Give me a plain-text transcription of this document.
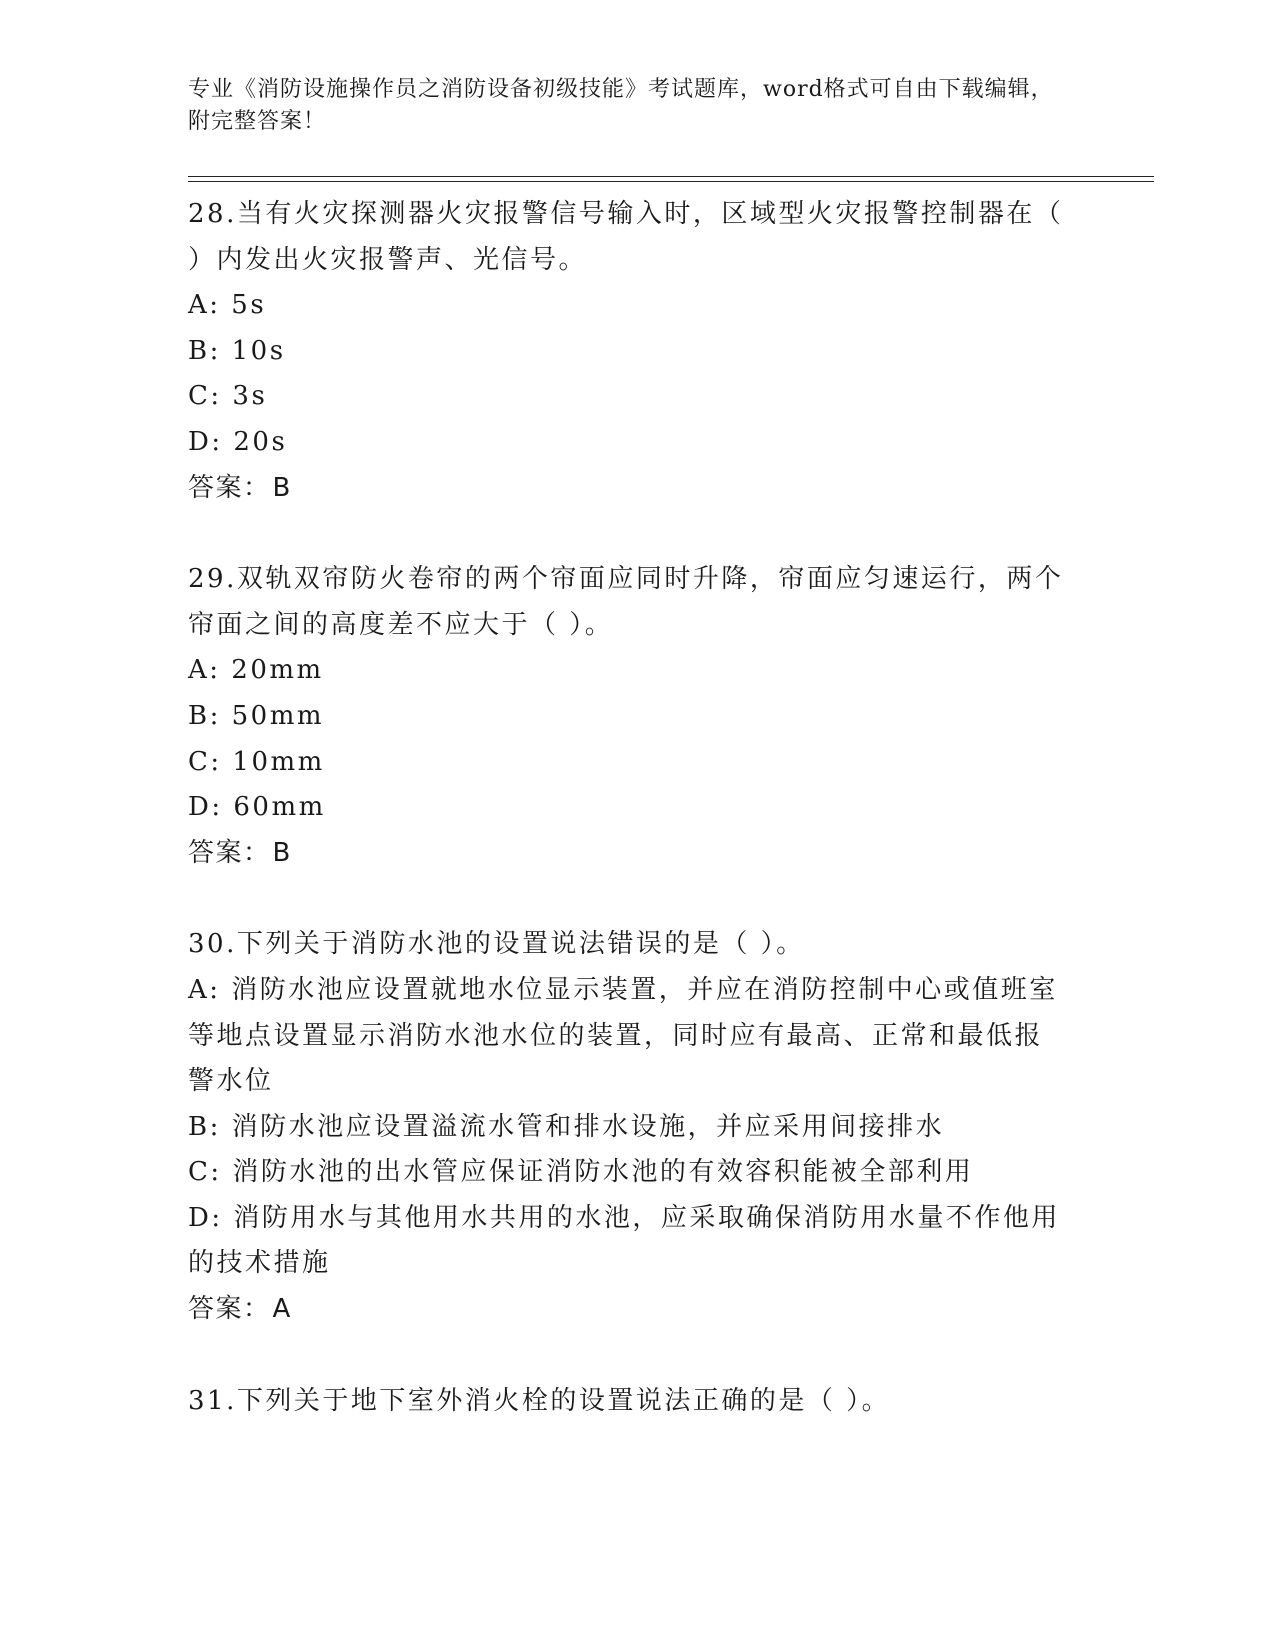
专业《消防设施操作员之消防设备初级技能》考试题库，word格式可自由下载编辑，附完整答案！

28.当有火灾探测器火灾报警信号输入时，区域型火灾报警控制器在（ ）内发出火灾报警声、光信号。

A: 5s

B: 10s

C: 3s

D: 20s

答案：B

29.双轨双帘防火卷帘的两个帘面应同时升降，帘面应匀速运行，两个帘面之间的高度差不应大于（ ）。

A: 20mm

B: 50mm

C: 10mm

D: 60mm

答案：B

30.下列关于消防水池的设置说法错误的是（ ）。

A: 消防水池应设置就地水位显示装置，并应在消防控制中心或值班室等地点设置显示消防水池水位的装置，同时应有最高、正常和最低报警水位

B: 消防水池应设置溢流水管和排水设施，并应采用间接排水

C: 消防水池的出水管应保证消防水池的有效容积能被全部利用

D: 消防用水与其他用水共用的水池，应采取确保消防用水量不作他用的技术措施

答案：A

31.下列关于地下室外消火栓的设置说法正确的是（ ）。
